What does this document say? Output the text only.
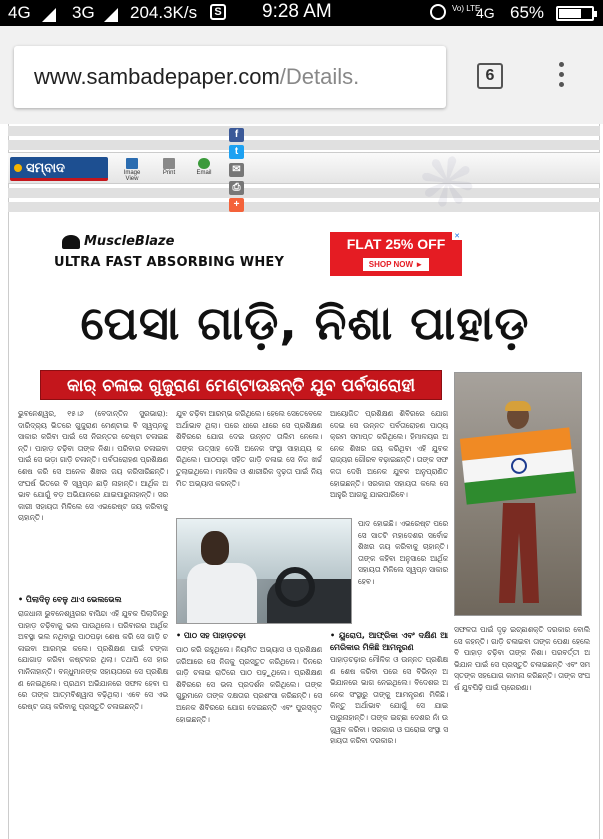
4G 3G 204.3K/s	S 9:28 AM	Vo) LTE
4G 65%
www.sambadepaper.com/Details.	6
ସମ୍ବାଦ	Image View
Print	Email
f
t
✉
⎙
+
MuscleBlaze
ULTRA FAST ABSORBING WHEY
FLAT 25% OFF
SHOP NOW ►
✕
ପେସା ଗାଡ଼ି, ନିଶା ପାହାଡ଼
କାର୍ ଚଳାଇ ଗୁଜୁରାଣ ମେଣ୍ଟାଉଛନ୍ତି ଯୁବ ପର୍ବତାରୋହୀ
ଭୁବନେଶ୍ୱର, ୧୫।୬ (ବେଦାନ୍ତିନ ସୁରଭାରା): ଦାରିଦ୍ର୍ୟ ଭିତରେ ଗୁଜୁରାଣ ମେଣ୍ଟାଇ ବି ସ୍ୱପ୍ନକୁ ସାକାର କରିବା ପାଇଁ ସେ ନିରନ୍ତର ଚେଷ୍ଟା ଚଳାଇଛନ୍ତି। ପାହାଡ଼ ଚଢ଼ିବା ତାଙ୍କ ନିଶା। ପରିବାର ଚଳାଇବା ପାଇଁ ସେ ଭଡ଼ା ଗାଡ଼ି ଚଳାନ୍ତି। ପର୍ବତାରୋହଣ ପ୍ରଶିକ୍ଷଣ ଶେଷ କରି ସେ ଅନେକ ଶିଖର ଜୟ କରିସାରିଛନ୍ତି। ସଂଘର୍ଷ ଭିତରେ ବି ସ୍ୱପ୍ନ ଛାଡ଼ି ନାହାନ୍ତି। ଆର୍ଥିକ ଅଭାବ ଯୋଗୁଁ ବଡ଼ ଅଭିଯାନରେ ଯାଇପାରୁନାହାନ୍ତି। ସରକାରୀ ସହାୟତା ମିଳିଲେ ସେ ଏଭରେଷ୍ଟ ଜୟ କରିବାକୁ ଚାହାନ୍ତି।
• ପିଲାଦିନୁ ବେଳୁ ଥାଏ ଭେଲଭେଲ
ରାଜଧାନୀ ଭୁବନେଶ୍ୱରର ବାସିନ୍ଦା ଏହି ଯୁବକ ପିଲାଦିନରୁ ପାହାଡ଼ ଚଢ଼ିବାକୁ ଭଲ ପାଉଥିଲେ। ପରିବାରର ଆର୍ଥିକ ଅବସ୍ଥା ଭଲ ନଥିବାରୁ ପାଠପଢ଼ା ଶେଷ କରି ସେ ଗାଡ଼ି ଚଳାଇବା ଆରମ୍ଭ କଲେ। ପ୍ରଶିକ୍ଷଣ ପାଇଁ ଟଙ୍କା ଯୋଗାଡ଼ କରିବା କଷ୍ଟକର ଥିଲା। ତଥାପି ସେ ହାର ମାନିନାହାନ୍ତି। ବନ୍ଧୁମାନଙ୍କ ସହାୟତାରେ ସେ ପ୍ରଶିକ୍ଷଣ ନେଇଥିଲେ। ପ୍ରଥମ ଅଭିଯାନରେ ସଫଳ ହେବା ପରେ ତାଙ୍କ ଆତ୍ମବିଶ୍ୱାସ ବଢ଼ିଥିଲା। ଏବେ ସେ ଏଭରେଷ୍ଟ ଜୟ କରିବାକୁ ପ୍ରସ୍ତୁତି ଚଳାଇଛନ୍ତି।
ଯୁବ ଚଢ଼ିବା ଆରମ୍ଭ କରିଥିଲେ। ହେଲେ ସେତେବେଳେ ଅର୍ଥାଭାବ ଥିଲା। ପରେ ଧୀରେ ଧୀରେ ସେ ପ୍ରଶିକ୍ଷଣ ଶିବିରରେ ଯୋଗ ଦେଇ ଉନ୍ନତ ତାଲିମ ନେଲେ। ତାଙ୍କ ଉତ୍ସାହ ଦେଖି ଅନେକ ସଂସ୍ଥା ସାହାଯ୍ୟ କରିଥିଲେ। ପାଠପଢ଼ା ସହିତ ଗାଡ଼ି ଚଳାଇ ସେ ନିଜ ଖର୍ଚ୍ଚ ତୁଲାଇଥିଲେ। ମାନସିକ ଓ ଶାରୀରିକ ଦୃଢ଼ତା ପାଇଁ ନିୟମିତ ଅଭ୍ୟାସ କରନ୍ତି।
ଆୟୋଜିତ ପ୍ରଶିକ୍ଷଣ ଶିବିରରେ ଯୋଗ ଦେଇ ସେ ଉନ୍ନତ ପର୍ବତାରୋହଣ ପାଠ୍ୟକ୍ରମ ସମାପ୍ତ କରିଥିଲେ। ହିମାଳୟର ଅନେକ ଶିଖର ଜୟ କରିଥିବା ଏହି ଯୁବକ ରାଜ୍ୟର ଗୌରବ ବଢ଼ାଇଛନ୍ତି। ତାଙ୍କ ସଫଳତା ଦେଖି ଅନେକ ଯୁବକ ଅନୁପ୍ରାଣିତ ହୋଇଛନ୍ତି। ସରକାର ସହାୟତା କଲେ ସେ ଆହୁରି ଆଗକୁ ଯାଇପାରିବେ।
ପାଦ ହୋଇଛି। ଏଭରେଷ୍ଟ ପରେ ସେ ସାତଟି ମହାଦେଶର ସର୍ବୋଚ୍ଚ ଶିଖର ଜୟ କରିବାକୁ ଚାହାନ୍ତି। ତାଙ୍କ କହିବା ଅନୁସାରେ ଆର୍ଥିକ ସହାୟତା ମିଳିଲେ ସ୍ୱପ୍ନ ସାକାର ହେବ।
• ପାଠ ସହ ପାହାଡ଼ଚଢ଼ା
ପାଠ କରି ରହୁଥିଲେ। ନିୟମିତ ଅଭ୍ୟାସ ଓ ପ୍ରଶିକ୍ଷଣ ଜରିଆରେ ସେ ନିଜକୁ ପ୍ରସ୍ତୁତ କରିଥିଲେ। ଦିନରେ ଗାଡ଼ି ଚଳାଇ ରାତିରେ ପାଠ ପଢ଼ୁଥିଲେ। ପ୍ରଶିକ୍ଷଣ ଶିବିରରେ ସେ ଭଲ ପ୍ରଦର୍ଶନ କରିଥିଲେ। ତାଙ୍କ ଗୁରୁମାନେ ତାଙ୍କ ଦକ୍ଷତାର ପ୍ରଶଂସା କରିଛନ୍ତି। ସେ ଅନେକ ଶିବିରରେ ଯୋଗ ଦେଇଛନ୍ତି ଏବଂ ପୁରସ୍କୃତ ହୋଇଛନ୍ତି।
• ୟୁରୋପ, ଆଫ୍ରିକା ଏବଂ ଦକ୍ଷିଣ ଆମେରିକାର ମିଳିଛି ଆମନ୍ତ୍ରଣ
ପାହାଡ଼ଚଢ଼ାର ମୌଳିକ ଓ ଉନ୍ନତ ପ୍ରଶିକ୍ଷଣ ଶେଷ କରିବା ପରେ ସେ ବିଭିନ୍ନ ଅଭିଯାନରେ ଭାଗ ନେଇଥିଲେ। ବିଦେଶର ଅନେକ ସଂସ୍ଥାରୁ ତାଙ୍କୁ ଆମନ୍ତ୍ରଣ ମିଳିଛି। କିନ୍ତୁ ଅର୍ଥାଭାବ ଯୋଗୁଁ ସେ ଯାଇପାରୁନାହାନ୍ତି। ତାଙ୍କ ଇଚ୍ଛା ଦେଶର ନାଁ ଉଜ୍ଜ୍ୱଳ କରିବା। ସରକାର ଓ ଘରୋଇ ସଂସ୍ଥା ସହାୟତା କରିବା ଦରକାର।
ସଫଳତା ପାଇଁ ଦୃଢ଼ ଇଚ୍ଛାଶକ୍ତି ଦରକାର ବୋଲି ସେ କହନ୍ତି। ଗାଡ଼ି ଚଳାଇବା ତାଙ୍କ ପେଶା ହେଲେ ବି ପାହାଡ଼ ଚଢ଼ିବା ତାଙ୍କ ନିଶା। ପରବର୍ତ୍ତୀ ଅଭିଯାନ ପାଇଁ ସେ ପ୍ରସ୍ତୁତି ଚଳାଇଛନ୍ତି ଏବଂ ସମସ୍ତଙ୍କ ସହଯୋଗ କାମନା କରିଛନ୍ତି। ତାଙ୍କ ସଂଘର୍ଷ ଯୁବପିଢ଼ି ପାଇଁ ପ୍ରେରଣା।
